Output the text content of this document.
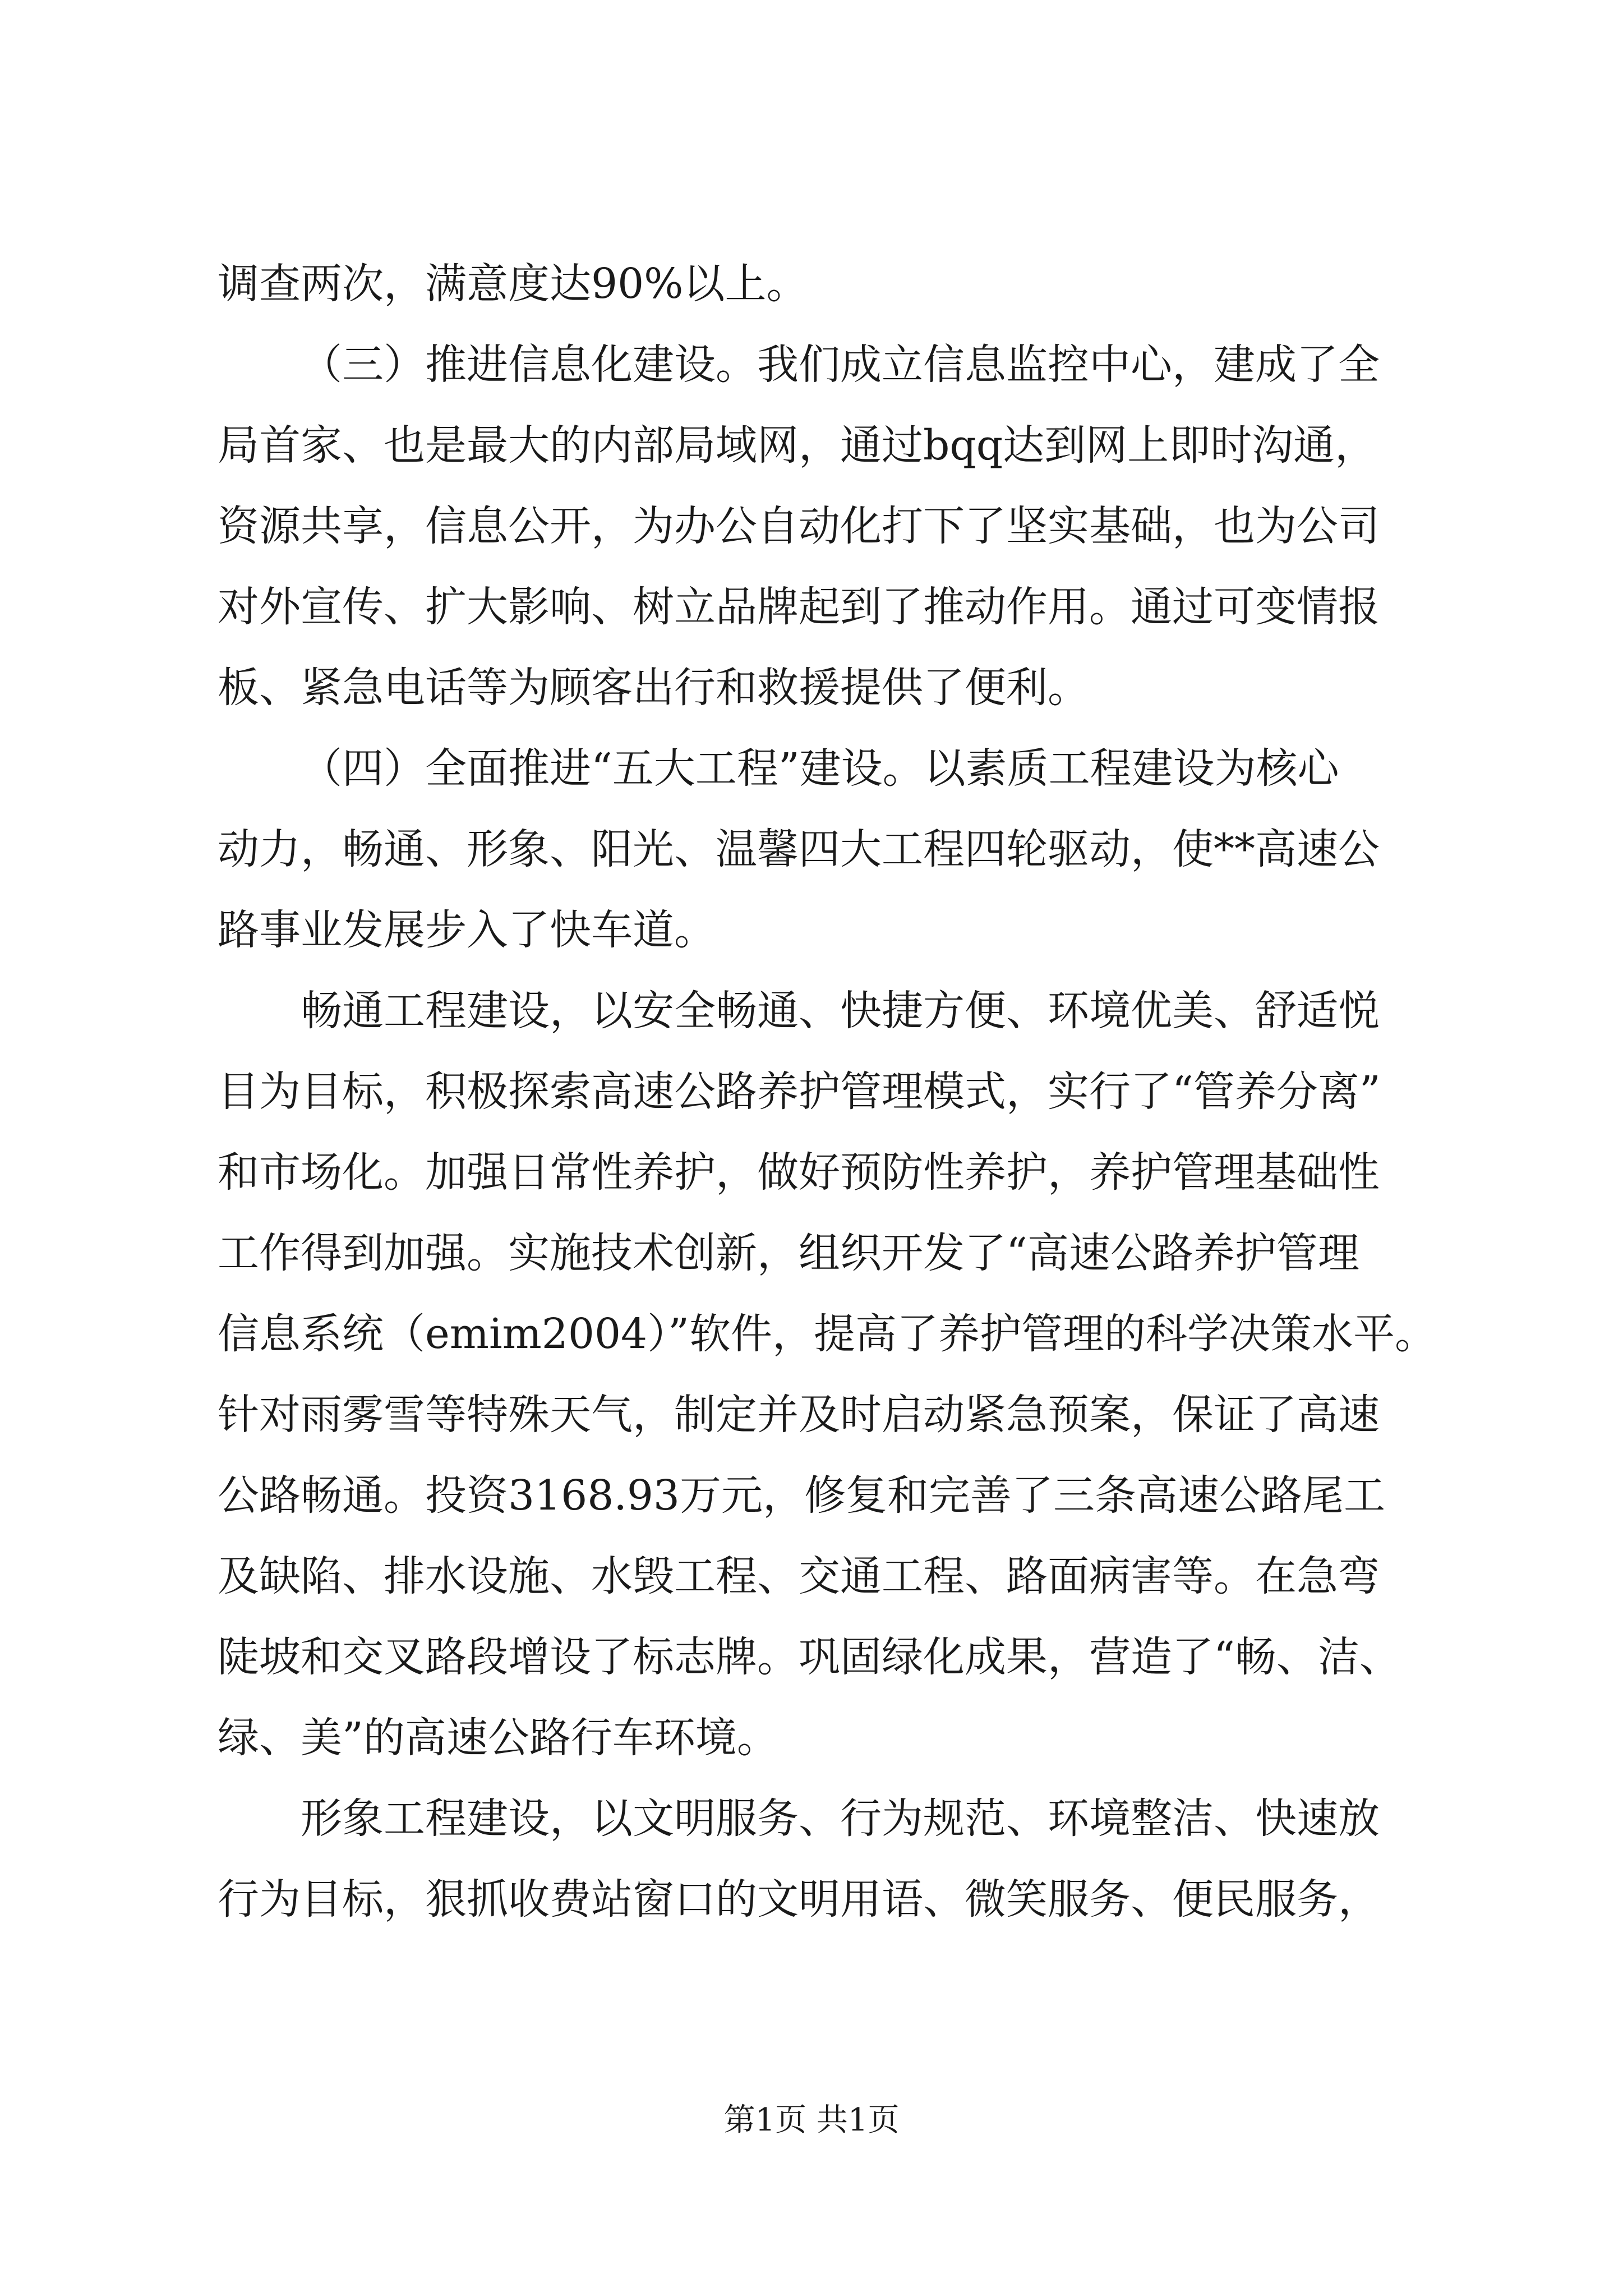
调查两次，满意度达90%以上。
（三）推进信息化建设。我们成立信息监控中心，建成了全
局首家、也是最大的内部局域网，通过bqq达到网上即时沟通，
资源共享，信息公开，为办公自动化打下了坚实基础，也为公司
对外宣传、扩大影响、树立品牌起到了推动作用。通过可变情报
板、紧急电话等为顾客出行和救援提供了便利。
（四）全面推进“五大工程”建设。以素质工程建设为核心
动力，畅通、形象、阳光、温馨四大工程四轮驱动，使**高速公
路事业发展步入了快车道。
畅通工程建设，以安全畅通、快捷方便、环境优美、舒适悦
目为目标，积极探索高速公路养护管理模式，实行了“管养分离”
和市场化。加强日常性养护，做好预防性养护，养护管理基础性
工作得到加强。实施技术创新，组织开发了“高速公路养护管理
信息系统（emim2004）”软件，提高了养护管理的科学决策水平。
针对雨雾雪等特殊天气，制定并及时启动紧急预案，保证了高速
公路畅通。投资3168.93万元，修复和完善了三条高速公路尾工
及缺陷、排水设施、水毁工程、交通工程、路面病害等。在急弯
陡坡和交叉路段增设了标志牌。巩固绿化成果，营造了“畅、洁、
绿、美”的高速公路行车环境。
形象工程建设，以文明服务、行为规范、环境整洁、快速放
行为目标，狠抓收费站窗口的文明用语、微笑服务、便民服务，
第1页 共1页
